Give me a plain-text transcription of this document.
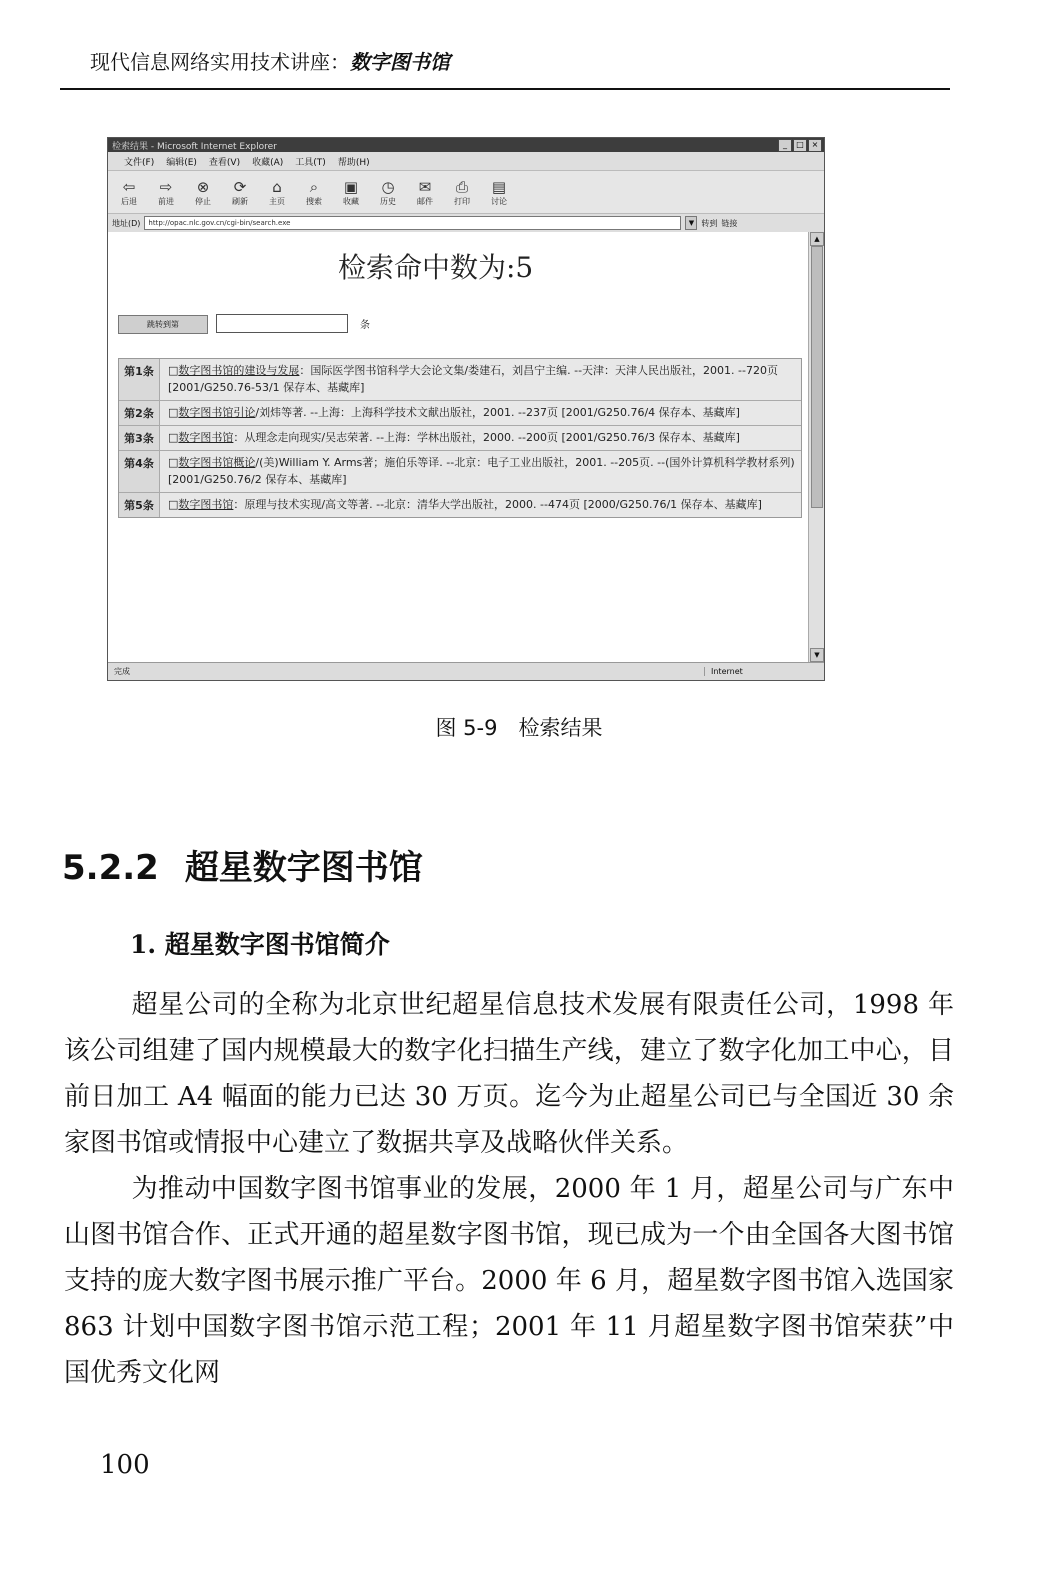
现代信息网络实用技术讲座：数字图书馆
检索结果 - Microsoft Internet Explorer	_	□ ×
文件(F) 编辑(E) 查看(V) 收藏(A) 工具(T) 帮助(H)
⇦
后退
⇨
前进
⊗
停止
⟳
刷新
⌂
主页
⌕
搜索
▣
收藏
◷
历史
✉
邮件
⎙
打印
▤
讨论
地址(D)	http://opac.nlc.gov.cn/cgi-bin/search.exe	▼ 转到 链接
检索命中数为:5
跳转到第	条
第1条	□数字图书馆的建设与发展：国际医学图书馆科学大会论文集/娄建石，刘昌宁主编. --天津：天津人民出版社，2001. --720页 [2001/G250.76-53/1 保存本、基藏库]
第2条	□数字图书馆引论/刘炜等著. --上海：上海科学技术文献出版社，2001. --237页 [2001/G250.76/4 保存本、基藏库]
第3条	□数字图书馆：从理念走向现实/吴志荣著. --上海：学林出版社，2000. --200页 [2001/G250.76/3 保存本、基藏库]
第4条	□数字图书馆概论/(美)William Y. Arms著；施伯乐等译. --北京：电子工业出版社，2001. --205页. --(国外计算机科学教材系列) [2001/G250.76/2 保存本、基藏库]
第5条	□数字图书馆：原理与技术实现/高文等著. --北京：清华大学出版社，2000. --474页 [2000/G250.76/1 保存本、基藏库]
▲
▼
完成	Internet
图 5-9　检索结果
5.2.2 超星数字图书馆
1. 超星数字图书馆简介

超星公司的全称为北京世纪超星信息技术发展有限责任公司，1998 年该公司组建了国内规模最大的数字化扫描生产线，建立了数字化加工中心，目前日加工 A4 幅面的能力已达 30 万页。迄今为止超星公司已与全国近 30 余家图书馆或情报中心建立了数据共享及战略伙伴关系。

为推动中国数字图书馆事业的发展，2000 年 1 月，超星公司与广东中山图书馆合作、正式开通的超星数字图书馆，现已成为一个由全国各大图书馆支持的庞大数字图书展示推广平台。2000 年 6 月，超星数字图书馆入选国家 863 计划中国数字图书馆示范工程；2001 年 11 月超星数字图书馆荣获”中国优秀文化网

100
